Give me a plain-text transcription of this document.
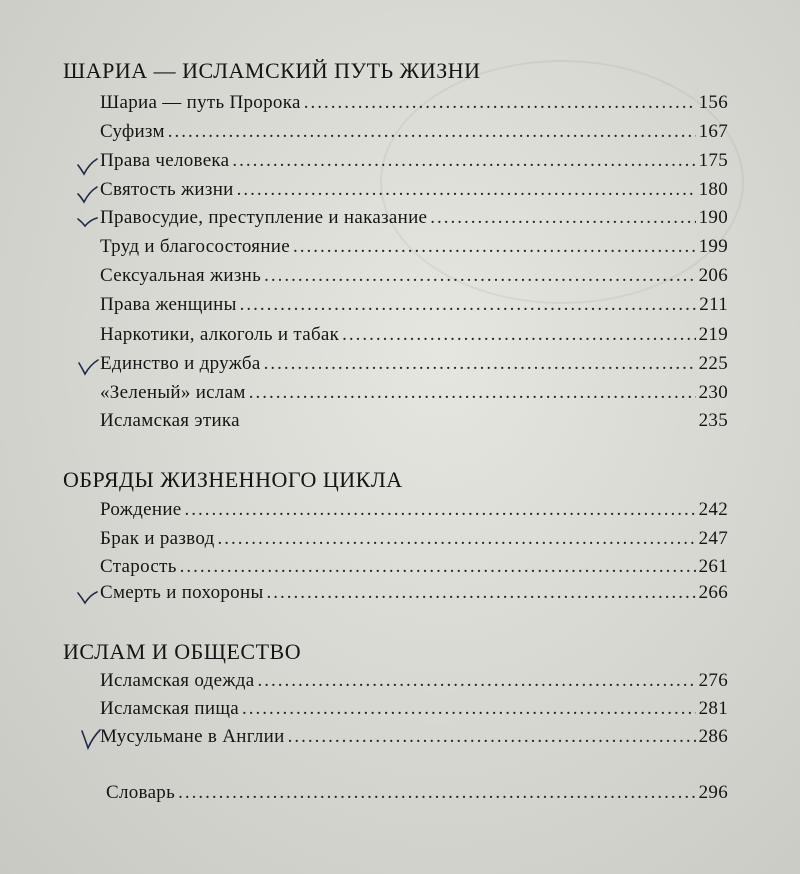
ШАРИА — ИСЛАМСКИЙ ПУТЬ ЖИЗНИ
Шариа — путь Пророка .....	156
Суфизм .....	167
Права человека .....	175
Святость жизни .....	180
Правосудие, преступление и наказание .....	190
Труд и благосостояние .....	199
Сексуальная жизнь .....	206
Права женщины .....	211
Наркотики, алкоголь и табак .....	219
Единство и дружба .....	225
«Зеленый» ислам .....	230
Исламская этика	235
ОБРЯДЫ ЖИЗНЕННОГО ЦИКЛА
Рождение .....	242
Брак и развод .....	247
Старость .....	261
Смерть и похороны .....	266
ИСЛАМ И ОБЩЕСТВО
Исламская одежда .....	276
Исламская пища .....	281
Мусульмане в Англии .....	286
Словарь .....	296
